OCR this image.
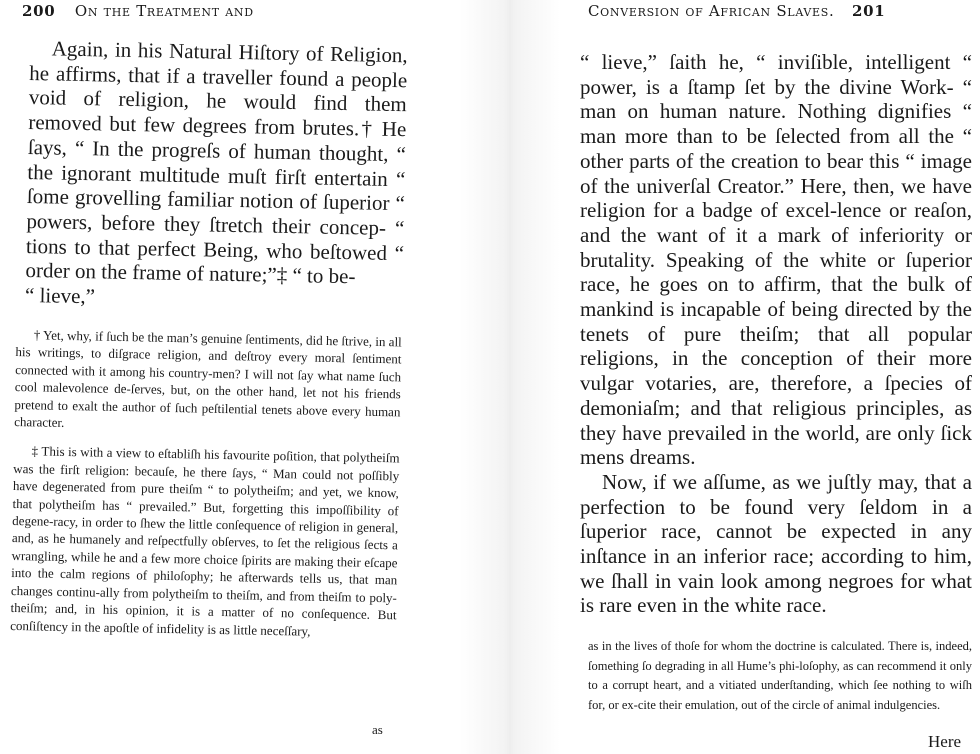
200 On the Treatment and

Again, in his Natural Hiſtory of Religion, he affirms, that if a traveller found a people void of religion, he would find them removed but few degrees from brutes.† He ſays, “ In the progreſs of human thought, “ the ignorant multitude muſt firſt entertain “ ſome grovelling familiar notion of ſuperior “ powers, before they ſtretch their concep- “ tions to that perfect Being, who beſtowed “ order on the frame of nature;”‡ “ to be-

“ lieve,”

† Yet, why, if ſuch be the man’s genuine ſentiments, did he ſtrive, in all his writings, to diſgrace religion, and deſtroy every moral ſentiment connected with it among his country-men? I will not ſay what name ſuch cool malevolence de-ſerves, but, on the other hand, let not his friends pretend to exalt the author of ſuch peſtilential tenets above every human character.

‡ This is with a view to eſtabliſh his favourite poſition, that polytheiſm was the firſt religion: becauſe, he there ſays, “ Man could not poſſibly have degenerated from pure theiſm “ to polytheiſm; and yet, we know, that polytheiſm has “ prevailed.” But, forgetting this impoſſibility of degene-racy, in order to ſhew the little conſequence of religion in general, and, as he humanely and reſpectfully obſerves, to ſet the religious ſects a wrangling, while he and a few more choice ſpirits are making their eſcape into the calm regions of philoſophy; he afterwards tells us, that man changes continu-ally from polytheiſm to theiſm, and from theiſm to poly-theiſm; and, in his opinion, it is a matter of no conſequence. But conſiſtency in the apoſtle of infidelity is as little neceſſary,

as
Conversion of African Slaves. 201

“ lieve,” ſaith he, “ inviſible, intelligent “ power, is a ſtamp ſet by the divine Work- “ man on human nature. Nothing dignifies “ man more than to be ſelected from all the “ other parts of the creation to bear this “ image of the univerſal Creator.” Here, then, we have religion for a badge of excel-lence or reaſon, and the want of it a mark of inferiority or brutality. Speaking of the white or ſuperior race, he goes on to affirm, that the bulk of mankind is incapable of being directed by the tenets of pure theiſm; that all popular religions, in the conception of their more vulgar votaries, are, therefore, a ſpecies of demoniaſm; and that religious principles, as they have prevailed in the world, are only ſick mens dreams.

Now, if we aſſume, as we juſtly may, that a perfection to be found very ſeldom in a ſuperior race, cannot be expected in any inſtance in an inferior race; according to him, we ſhall in vain look among negroes for what is rare even in the white race.

as in the lives of thoſe for whom the doctrine is calculated. There is, indeed, ſomething ſo degrading in all Hume’s phi-loſophy, as can recommend it only to a corrupt heart, and a vitiated underſtanding, which ſee nothing to wiſh for, or ex-cite their emulation, out of the circle of animal indulgencies.

Here
